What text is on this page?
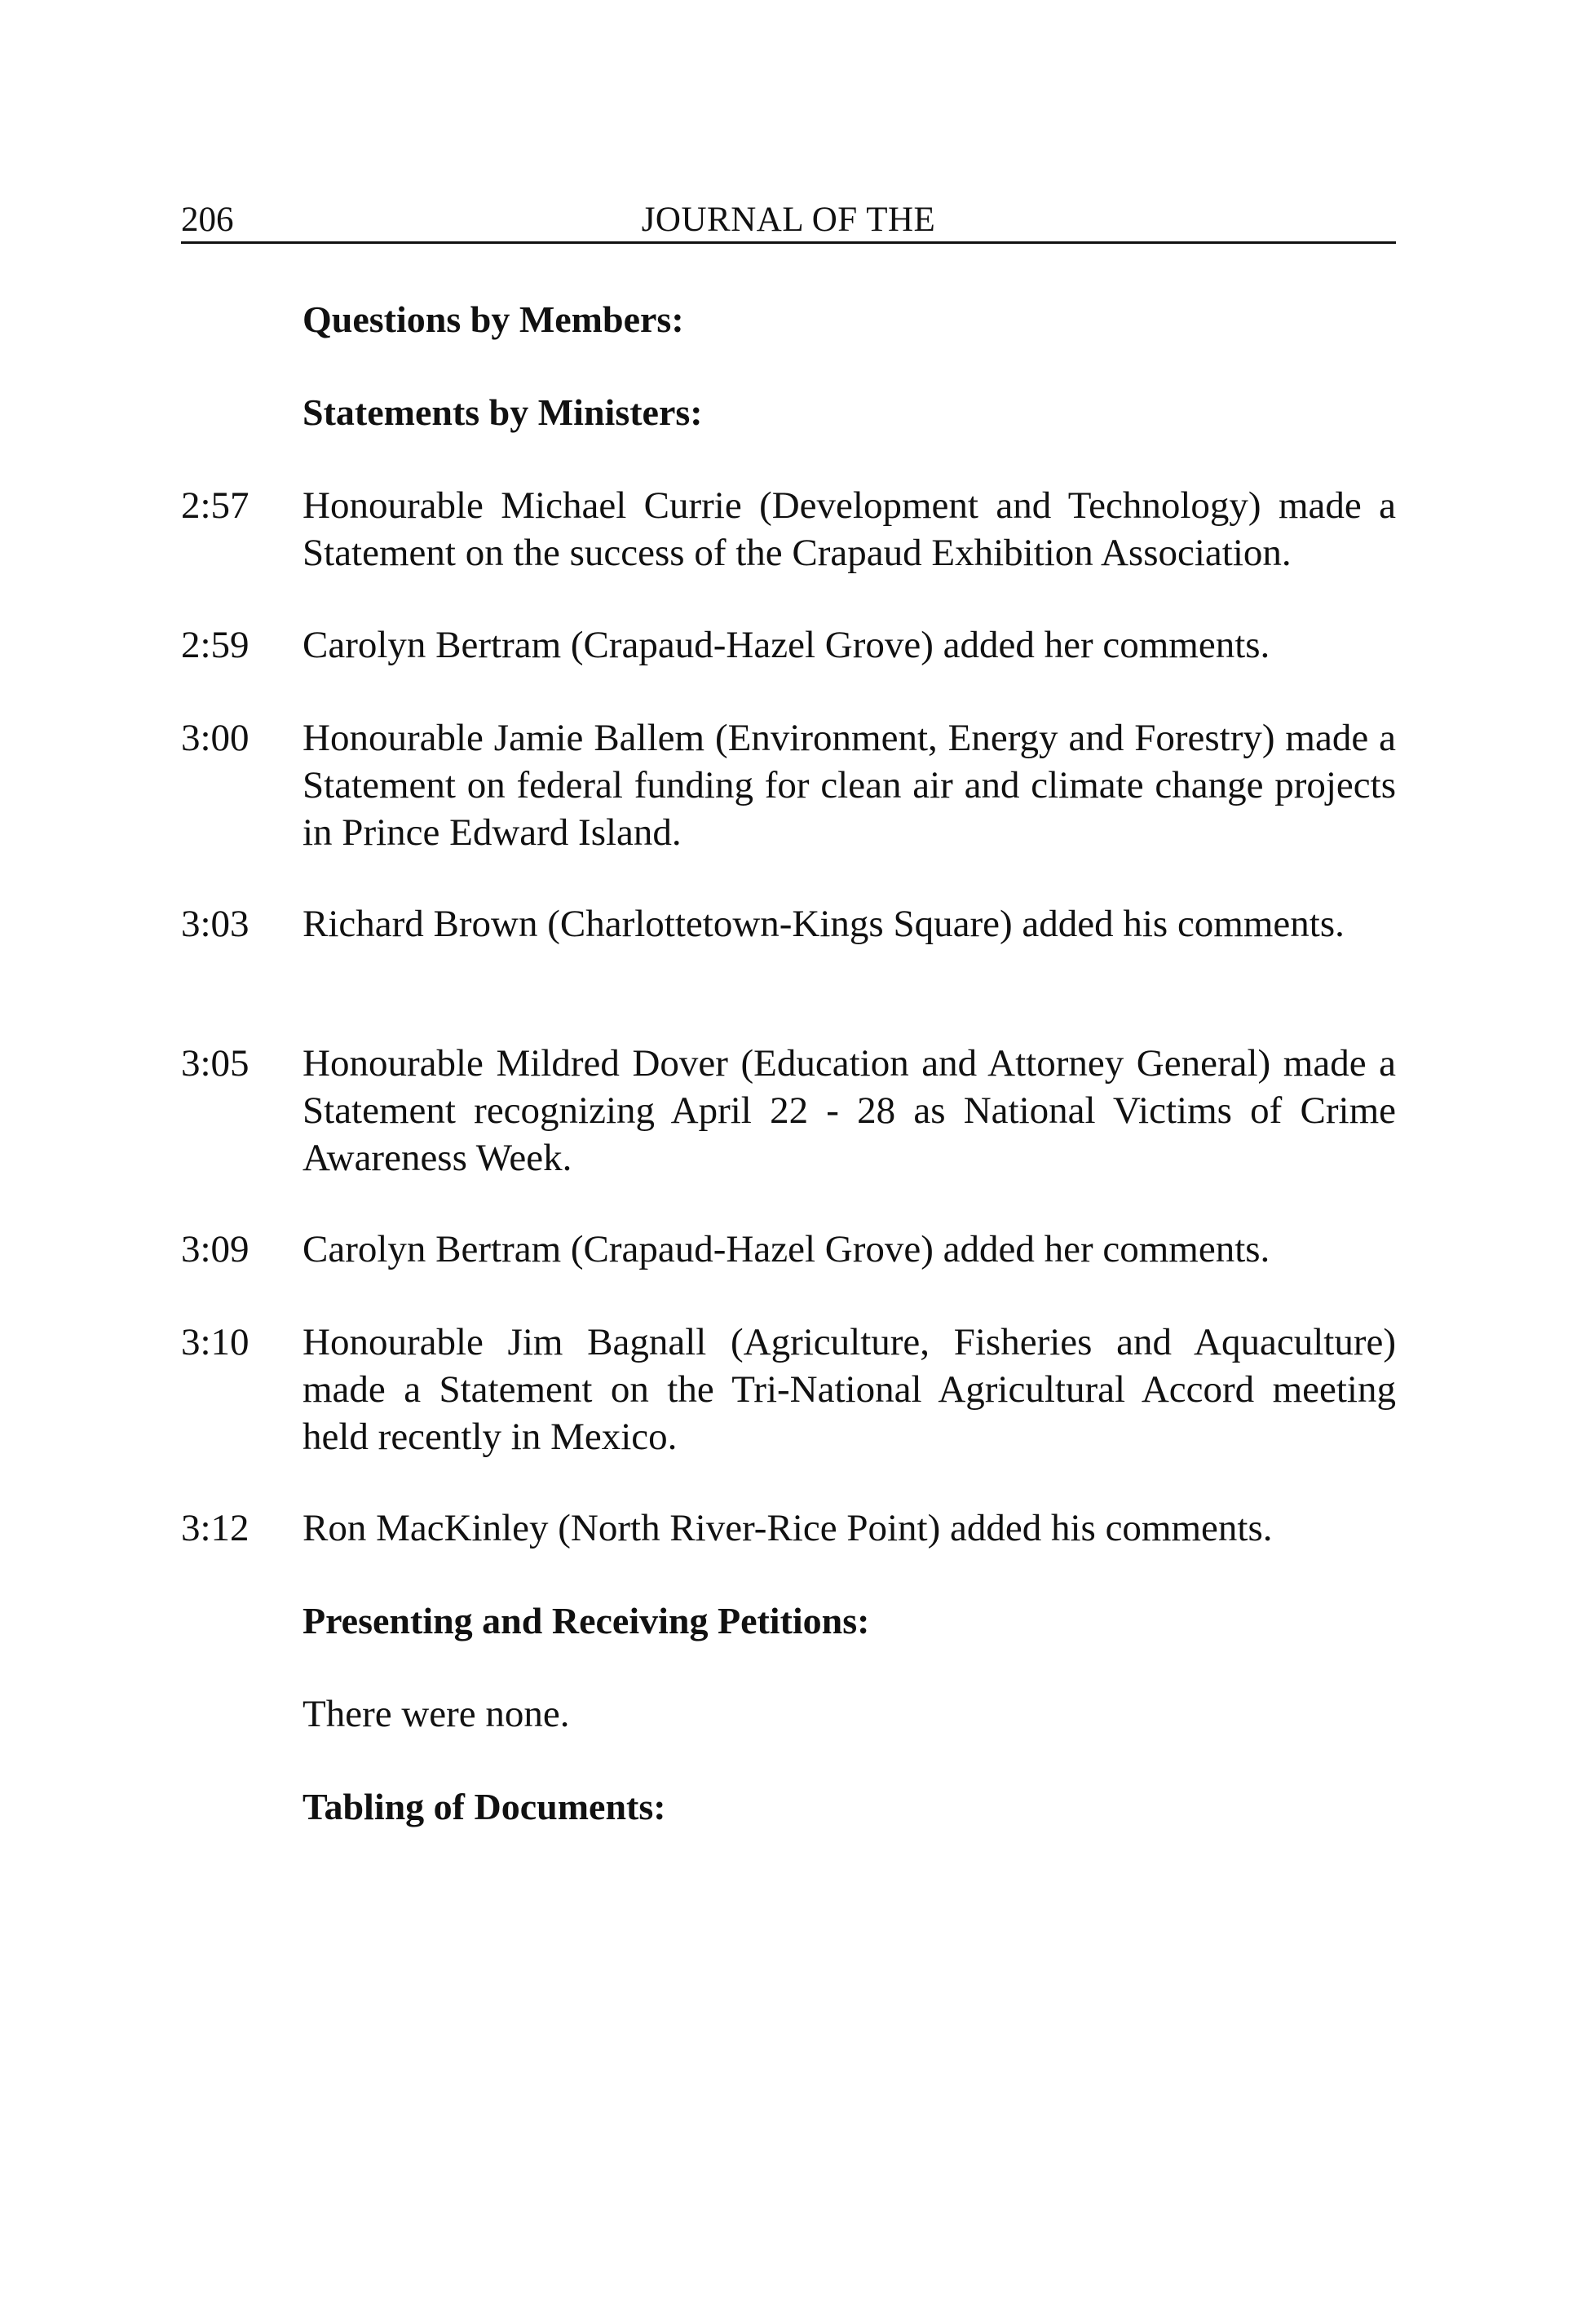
206	JOURNAL OF THE
Questions by Members:
Statements by Ministers:
2:57	Honourable Michael Currie (Development and Technology) made a Statement on the success of the Crapaud Exhibition Association.
2:59	Carolyn Bertram (Crapaud-Hazel Grove) added her comments.
3:00	Honourable Jamie Ballem (Environment, Energy and Forestry) made a Statement on federal funding for clean air and climate change projects in Prince Edward Island.
3:03	Richard Brown (Charlottetown-Kings Square) added his comments.
3:05	Honourable Mildred Dover (Education and Attorney General) made a Statement recognizing April 22 - 28 as National Victims of Crime Awareness Week.
3:09	Carolyn Bertram (Crapaud-Hazel Grove) added her comments.
3:10	Honourable Jim Bagnall (Agriculture, Fisheries and Aquaculture) made a Statement on the Tri-National Agricultural Accord meeting held recently in Mexico.
3:12	Ron MacKinley (North River-Rice Point) added his comments.
Presenting and Receiving Petitions:
There were none.
Tabling of Documents:
